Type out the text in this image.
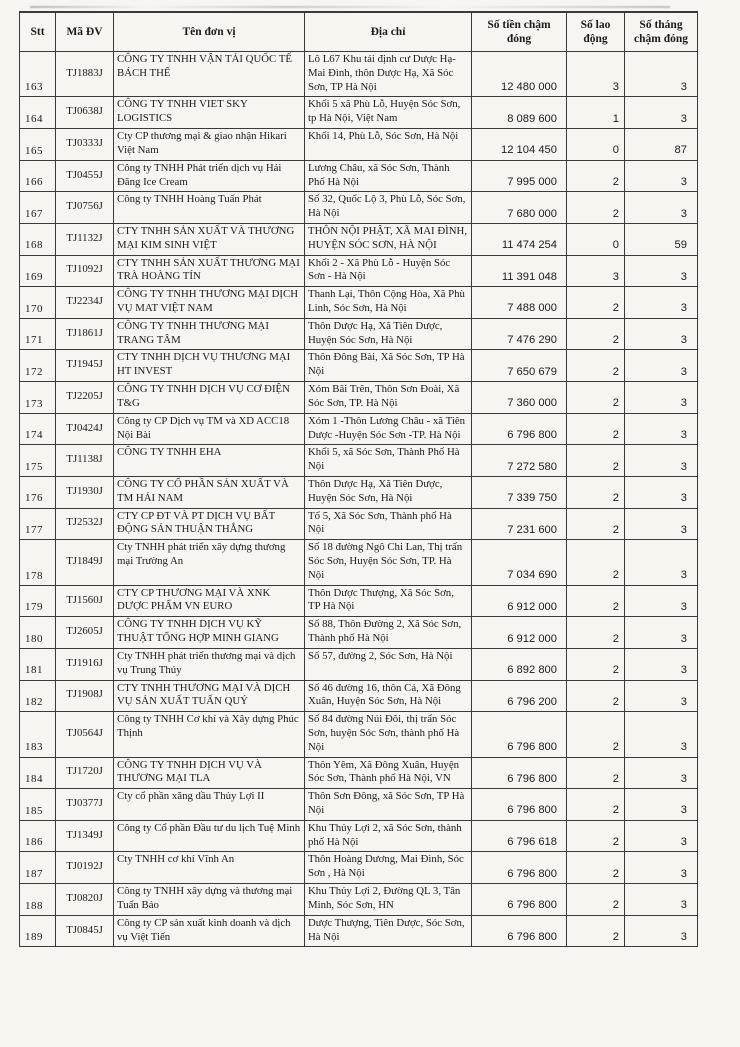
Stt	Mã ĐV	Tên đơn vị	Địa chỉ	Số tiền chậm đóng	Số lao động	Số tháng chậm đóng
163	TJ1883J	CÔNG TY TNHH VẬN TẢI QUỐC TẾ BÁCH THẾ	Lô L67 Khu tái định cư Dược Hạ-Mai Đình, thôn Dược Hạ, Xã Sóc Sơn, TP Hà Nội	12 480 000	3	3
164	TJ0638J	CÔNG TY TNHH VIET SKY LOGISTICS	Khối 5 xã Phù Lỗ, Huyện Sóc Sơn, tp Hà Nội, Việt Nam	8 089 600	1	3
165	TJ0333J	Cty CP thương mại & giao nhận Hikari Việt Nam	Khối 14, Phù Lỗ, Sóc Sơn, Hà Nội	12 104 450	0	87
166	TJ0455J	Công ty TNHH Phát triển dịch vụ Hải Đăng Ice Cream	Lương Châu, xã Sóc Sơn, Thành Phố Hà Nội	7 995 000	2	3
167	TJ0756J	Công ty TNHH Hoàng Tuấn Phát	Số 32, Quốc Lộ 3, Phù Lỗ, Sóc Sơn, Hà Nội	7 680 000	2	3
168	TJ1132J	CTY TNHH SẢN XUẤT VÀ THƯƠNG MẠI KIM SINH VIỆT	THÔN NỘI PHẬT, XÃ MAI ĐÌNH, HUYỆN SÓC SƠN, HÀ NỘI	11 474 254	0	59
169	TJ1092J	CTY TNHH SẢN XUẤT THƯƠNG MẠI TRÀ HOÀNG TÍN	Khối 2 - Xã Phù Lỗ - Huyện Sóc Sơn - Hà Nội	11 391 048	3	3
170	TJ2234J	CÔNG TY TNHH THƯƠNG MẠI DỊCH VỤ MAT VIỆT NAM	Thanh Lại, Thôn Cộng Hòa, Xã Phù Linh, Sóc Sơn, Hà Nội	7 488 000	2	3
171	TJ1861J	CÔNG TY TNHH THƯƠNG MẠI TRANG TÂM	Thôn Dược Hạ, Xã Tiên Dược, Huyện Sóc Sơn, Hà Nội	7 476 290	2	3
172	TJ1945J	CTY TNHH DỊCH VỤ THƯƠNG MẠI HT INVEST	Thôn Đông Bài, Xã Sóc Sơn, TP Hà Nội	7 650 679	2	3
173	TJ2205J	CÔNG TY TNHH DỊCH VỤ CƠ ĐIỆN T&G	Xóm Bãi Trên, Thôn Sơn Đoài, Xã Sóc Sơn, TP. Hà Nội	7 360 000	2	3
174	TJ0424J	Công ty CP Dịch vụ TM và XD ACC18 Nội Bài	Xóm 1 -Thôn Lương Châu - xã Tiên Dược -Huyện Sóc Sơn -TP. Hà Nội	6 796 800	2	3
175	TJ1138J	CÔNG TY TNHH EHA	Khối 5, xã Sóc Sơn, Thành Phố Hà Nội	7 272 580	2	3
176	TJ1930J	CÔNG TY CỔ PHẦN SẢN XUẤT VÀ TM HẢI NAM	Thôn Dược Hạ, Xã Tiên Dược, Huyện Sóc Sơn, Hà Nội	7 339 750	2	3
177	TJ2532J	CTY CP ĐT VÀ PT DỊCH VỤ BẤT ĐỘNG SẢN THUẬN THẮNG	Tổ 5, Xã Sóc Sơn, Thành phố Hà Nội	7 231 600	2	3
178	TJ1849J	Cty TNHH phát triển xây dựng thương mại Trường An	Số 18 đường Ngô Chi Lan, Thị trấn Sóc Sơn, Huyện Sóc Sơn, TP. Hà Nội	7 034 690	2	3
179	TJ1560J	CTY CP THƯƠNG MẠI VÀ XNK DƯỢC PHẨM VN EURO	Thôn Dược Thượng, Xã Sóc Sơn, TP Hà Nội	6 912 000	2	3
180	TJ2605J	CÔNG TY TNHH DỊCH VỤ KỸ THUẬT TỔNG HỢP MINH GIANG	Số 88, Thôn Đường 2, Xã Sóc Sơn, Thành phố Hà Nội	6 912 000	2	3
181	TJ1916J	Cty TNHH phát triển thương mại và dịch vụ Trung Thúy	Số 57, đường 2, Sóc Sơn, Hà Nội	6 892 800	2	3
182	TJ1908J	CTY TNHH THƯƠNG MẠI VÀ DỊCH VỤ SẢN XUẤT TUẤN QUÝ	Số 46 đường 16, thôn Cả, Xã Đông Xuân, Huyện Sóc Sơn, Hà Nội	6 796 200	2	3
183	TJ0564J	Công ty TNHH Cơ khí và Xây dựng Phúc Thịnh	Số 84 đường Núi Đôi, thị trấn Sóc Sơn, huyện Sóc Sơn, thành phố Hà Nội	6 796 800	2	3
184	TJ1720J	CÔNG TY TNHH DỊCH VỤ VÀ THƯƠNG MẠI TLA	Thôn Yêm, Xã Đông Xuân, Huyện Sóc Sơn, Thành phố Hà Nội, VN	6 796 800	2	3
185	TJ0377J	Cty cổ phần xăng dầu Thủy Lợi II	Thôn Sơn Đông, xã Sóc Sơn, TP Hà Nội	6 796 800	2	3
186	TJ1349J	Công ty Cổ phần Đầu tư du lịch Tuệ Minh	Khu Thủy Lợi 2, xã Sóc Sơn, thành phố Hà Nội	6 796 618	2	3
187	TJ0192J	Cty TNHH cơ khí Vĩnh An	Thôn Hoàng Dương, Mai Đình, Sóc Sơn , Hà Nội	6 796 800	2	3
188	TJ0820J	Công ty TNHH xây dựng và thương mại Tuấn Bảo	Khu Thủy Lợi 2, Đường QL 3, Tân Minh, Sóc Sơn, HN	6 796 800	2	3
189	TJ0845J	Công ty CP sản xuất kinh doanh và dịch vụ Việt Tiến	Dược Thượng, Tiên Dược, Sóc Sơn, Hà Nội	6 796 800	2	3
